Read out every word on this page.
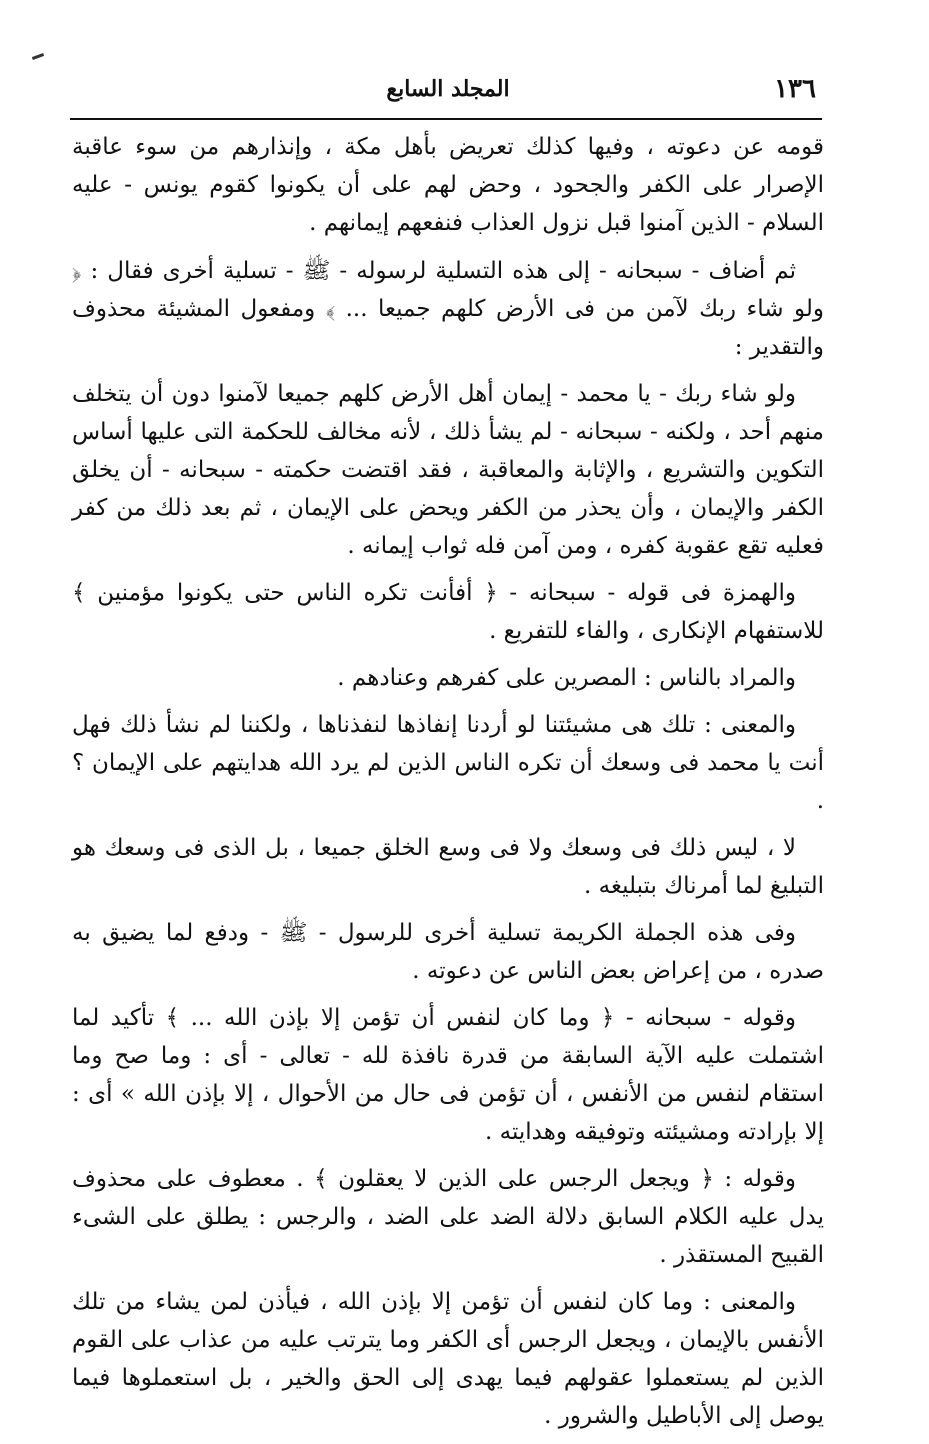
١٣٦
المجلد السابع

قومه عن دعوته ، وفيها كذلك تعريض بأهل مكة ، وإنذارهم من سوء عاقبة الإصرار على الكفر والجحود ، وحض لهم على أن يكونوا كقوم يونس - عليه السلام - الذين آمنوا قبل نزول العذاب فنفعهم إيمانهم .

ثم أضاف - سبحانه - إلى هذه التسلية لرسوله - ﷺ - تسلية أخرى فقال : ﴿ ولو شاء ربك لآمن من فى الأرض كلهم جميعا ... ﴾ ومفعول المشيئة محذوف والتقدير :

ولو شاء ربك - يا محمد - إيمان أهل الأرض كلهم جميعا لآمنوا دون أن يتخلف منهم أحد ، ولكنه - سبحانه - لم يشأ ذلك ، لأنه مخالف للحكمة التى عليها أساس التكوين والتشريع ، والإثابة والمعاقبة ، فقد اقتضت حكمته - سبحانه - أن يخلق الكفر والإيمان ، وأن يحذر من الكفر ويحض على الإيمان ، ثم بعد ذلك من كفر فعليه تقع عقوبة كفره ، ومن آمن فله ثواب إيمانه .

والهمزة فى قوله - سبحانه - ﴿ أفأنت تكره الناس حتى يكونوا مؤمنين ﴾ للاستفهام الإنكارى ، والفاء للتفريع .

والمراد بالناس : المصرين على كفرهم وعنادهم .

والمعنى : تلك هى مشيئتنا لو أردنا إنفاذها لنفذناها ، ولكننا لم نشأ ذلك فهل أنت يا محمد فى وسعك أن تكره الناس الذين لم يرد الله هدايتهم على الإيمان ؟ .

لا ، ليس ذلك فى وسعك ولا فى وسع الخلق جميعا ، بل الذى فى وسعك هو التبليغ لما أمرناك بتبليغه .

وفى هذه الجملة الكريمة تسلية أخرى للرسول - ﷺ - ودفع لما يضيق به صدره ، من إعراض بعض الناس عن دعوته .

وقوله - سبحانه - ﴿ وما كان لنفس أن تؤمن إلا بإذن الله ... ﴾ تأكيد لما اشتملت عليه الآية السابقة من قدرة نافذة لله - تعالى - أى : وما صح وما استقام لنفس من الأنفس ، أن تؤمن فى حال من الأحوال ، إلا بإذن الله » أى : إلا بإرادته ومشيئته وتوفيقه وهدايته .

وقوله : ﴿ ويجعل الرجس على الذين لا يعقلون ﴾ . معطوف على محذوف يدل عليه الكلام السابق دلالة الضد على الضد ، والرجس : يطلق على الشىء القبيح المستقذر .

والمعنى : وما كان لنفس أن تؤمن إلا بإذن الله ، فيأذن لمن يشاء من تلك الأنفس بالإيمان ، ويجعل الرجس أى الكفر وما يترتب عليه من عذاب على القوم الذين لم يستعملوا عقولهم فيما يهدى إلى الحق والخير ، بل استعملوها فيما يوصل إلى الأباطيل والشرور .
